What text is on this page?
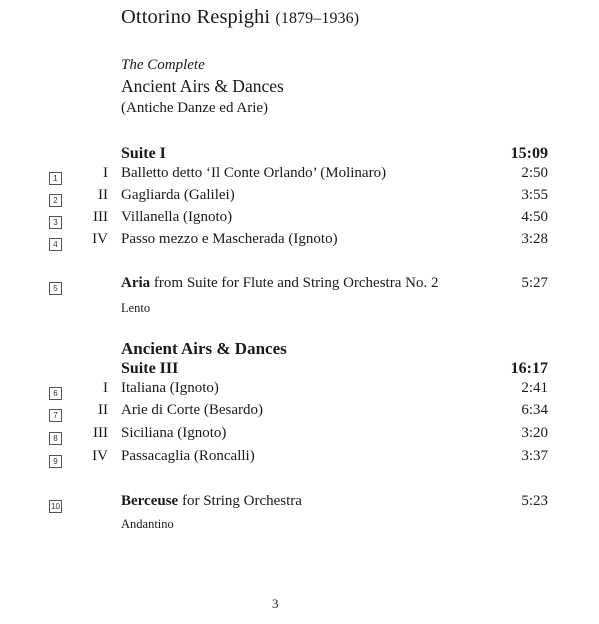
Ottorino Respighi (1879–1936)
The Complete
Ancient Airs & Dances
(Antiche Danze ed Arie)
Suite I	15:09
1	I Balletto detto ‘Il Conte Orlando’ (Molinaro)	2:50
2	II Gagliarda (Galilei)	3:55
3	III Villanella (Ignoto)	4:50
4	IV Passo mezzo e Mascherada (Ignoto)	3:28
5	Aria from Suite for Flute and String Orchestra No. 2	5:27
Lento
Ancient Airs & Dances
Suite III	16:17
6	I Italiana (Ignoto)	2:41
7	II Arie di Corte (Besardo)	6:34
8	III Siciliana (Ignoto)	3:20
9	IV Passacaglia (Roncalli)	3:37
10	Berceuse for String Orchestra	5:23
Andantino
3
